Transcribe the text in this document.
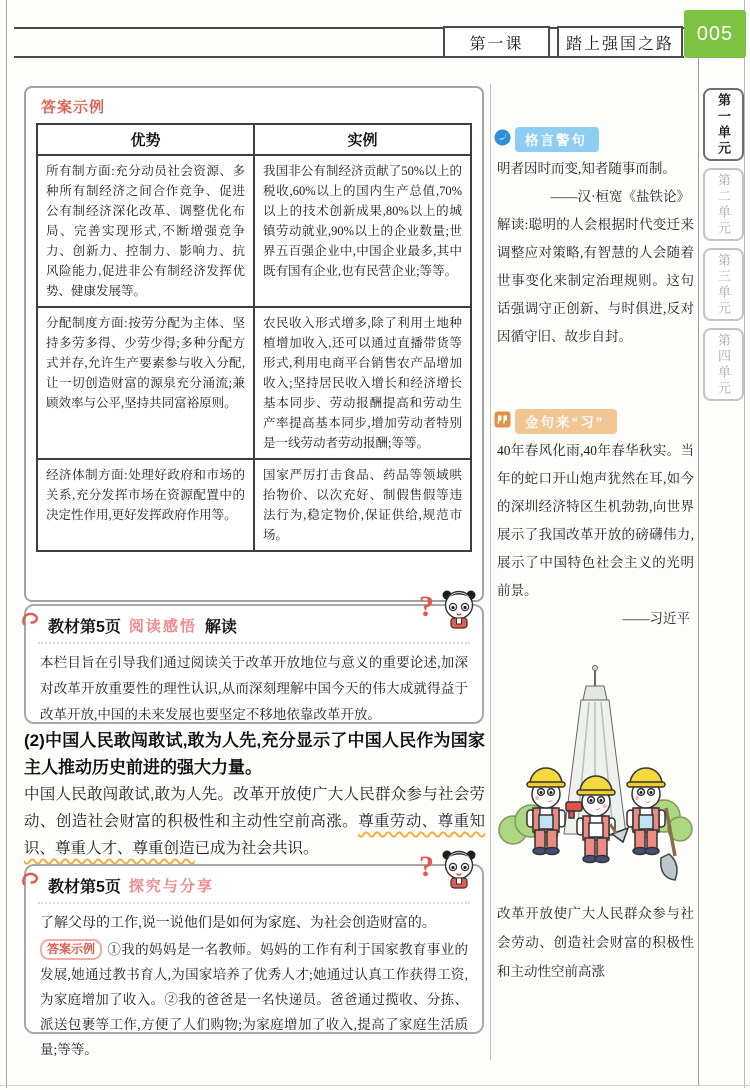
第一课	踏上强国之路	005
第一单元
第二单元
第三单元
第四单元
答案示例
优势	实例
所有制方面:充分动员社会资源、多种所有制经济之间合作竞争、促进公有制经济深化改革、调整优化布局、完善实现形式,不断增强竞争力、创新力、控制力、影响力、抗风险能力,促进非公有制经济发挥优势、健康发展等。	我国非公有制经济贡献了50%以上的税收,60%以上的国内生产总值,70%以上的技术创新成果,80%以上的城镇劳动就业,90%以上的企业数量;世界五百强企业中,中国企业最多,其中既有国有企业,也有民营企业;等等。
分配制度方面:按劳分配为主体、坚持多劳多得、少劳少得;多种分配方式并存,允许生产要素参与收入分配,让一切创造财富的源泉充分涌流;兼顾效率与公平,坚持共同富裕原则。	农民收入形式增多,除了利用土地种植增加收入,还可以通过直播带货等形式,利用电商平台销售农产品增加收入;坚持居民收入增长和经济增长基本同步、劳动报酬提高和劳动生产率提高基本同步,增加劳动者特别是一线劳动者劳动报酬;等等。
经济体制方面:处理好政府和市场的关系,充分发挥市场在资源配置中的决定性作用,更好发挥政府作用等。	国家严厉打击食品、药品等领域哄抬物价、以次充好、制假售假等违法行为,稳定物价,保证供给,规范市场。
教材第5页 阅读感悟 解读
?
本栏目旨在引导我们通过阅读关于改革开放地位与意义的重要论述,加深对改革开放重要性的理性认识,从而深刻理解中国今天的伟大成就得益于改革开放,中国的未来发展也要坚定不移地依靠改革开放。
(2)中国人民敢闯敢试,敢为人先,充分显示了中国人民作为国家主人推动历史前进的强大力量。

中国人民敢闯敢试,敢为人先。改革开放使广大人民群众参与社会劳动、创造社会财富的积极性和主动性空前高涨。尊重劳动、尊重知识、尊重人才、尊重创造已成为社会共识。

教材第5页 探究与分享
?
了解父母的工作,说一说他们是如何为家庭、为社会创造财富的。

答案示例 ①我的妈妈是一名教师。妈妈的工作有利于国家教育事业的发展,她通过教书育人,为国家培养了优秀人才;她通过认真工作获得工资,为家庭增加了收入。②我的爸爸是一名快递员。爸爸通过揽收、分拣、派送包裹等工作,方便了人们购物;为家庭增加了收入,提高了家庭生活质量;等等。

格言警句

明者因时而变,知者随事而制。

——汉·桓宽《盐铁论》

解读:聪明的人会根据时代变迁来调整应对策略,有智慧的人会随着世事变化来制定治理规则。这句话强调守正创新、与时俱进,反对因循守旧、故步自封。

金句来“习”

40年春风化雨,40年春华秋实。当年的蛇口开山炮声犹然在耳,如今的深圳经济特区生机勃勃,向世界展示了我国改革开放的磅礴伟力,展示了中国特色社会主义的光明前景。

——习近平

改革开放使广大人民群众参与社会劳动、创造社会财富的积极性和主动性空前高涨
